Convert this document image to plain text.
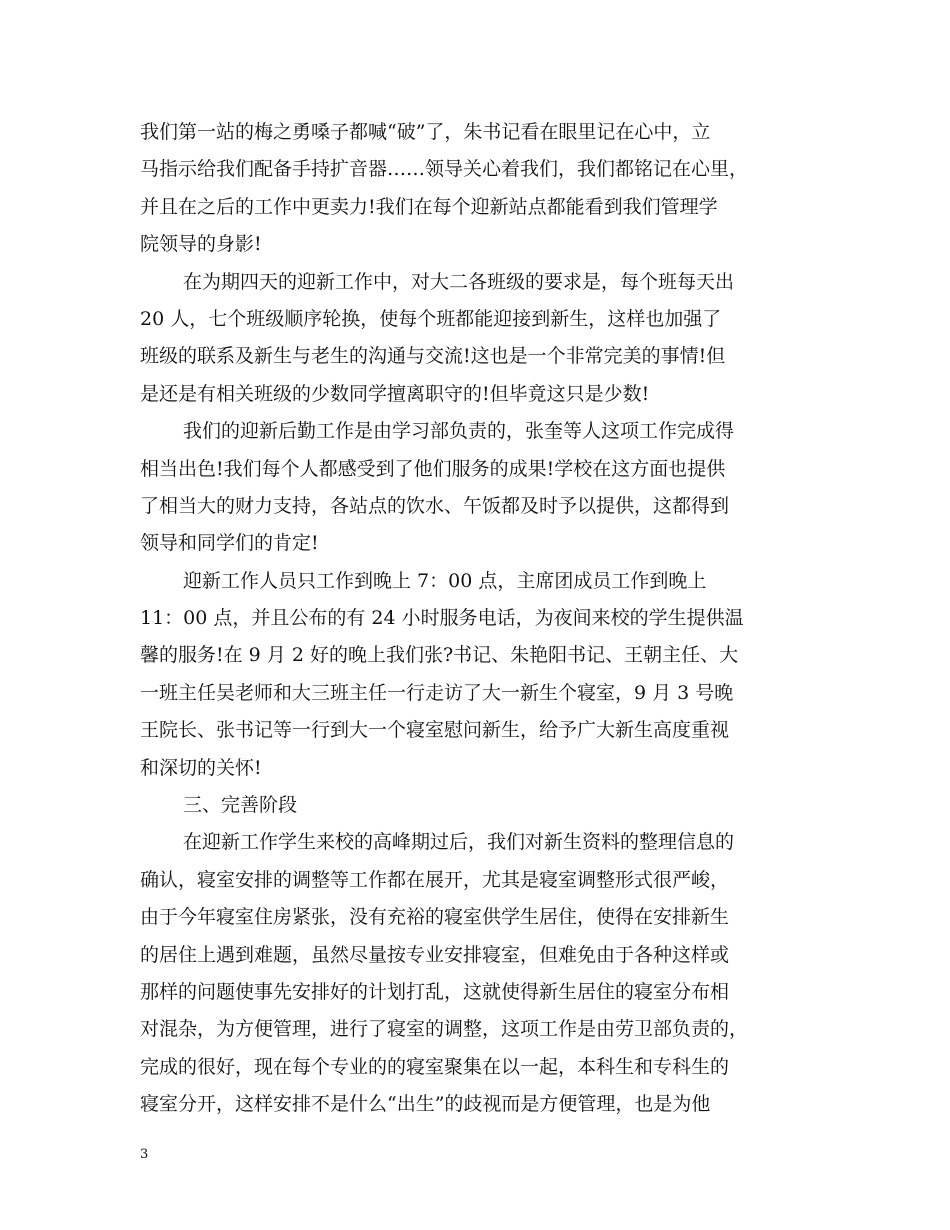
我们第一站的梅之勇嗓子都喊“破”了，朱书记看在眼里记在心中，立
马指示给我们配备手持扩音器……领导关心着我们，我们都铭记在心里，
并且在之后的工作中更卖力!我们在每个迎新站点都能看到我们管理学
院领导的身影!
在为期四天的迎新工作中，对大二各班级的要求是，每个班每天出
20 人，七个班级顺序轮换，使每个班都能迎接到新生，这样也加强了
班级的联系及新生与老生的沟通与交流!这也是一个非常完美的事情!但
是还是有相关班级的少数同学擅离职守的!但毕竟这只是少数!
我们的迎新后勤工作是由学习部负责的，张奎等人这项工作完成得
相当出色!我们每个人都感受到了他们服务的成果!学校在这方面也提供
了相当大的财力支持，各站点的饮水、午饭都及时予以提供，这都得到
领导和同学们的肯定!
迎新工作人员只工作到晚上 7：00 点，主席团成员工作到晚上
11：00 点，并且公布的有 24 小时服务电话，为夜间来校的学生提供温
馨的服务!在 9 月 2 好的晚上我们张?书记、朱艳阳书记、王朝主任、大
一班主任吴老师和大三班主任一行走访了大一新生个寝室，9 月 3 号晚
王院长、张书记等一行到大一个寝室慰问新生，给予广大新生高度重视
和深切的关怀!
三、完善阶段
在迎新工作学生来校的高峰期过后，我们对新生资料的整理信息的
确认，寝室安排的调整等工作都在展开，尤其是寝室调整形式很严峻，
由于今年寝室住房紧张，没有充裕的寝室供学生居住，使得在安排新生
的居住上遇到难题，虽然尽量按专业安排寝室，但难免由于各种这样或
那样的问题使事先安排好的计划打乱，这就使得新生居住的寝室分布相
对混杂，为方便管理，进行了寝室的调整，这项工作是由劳卫部负责的，
完成的很好，现在每个专业的的寝室聚集在以一起，本科生和专科生的
寝室分开，这样安排不是什么“出生”的歧视而是方便管理，也是为他
3
